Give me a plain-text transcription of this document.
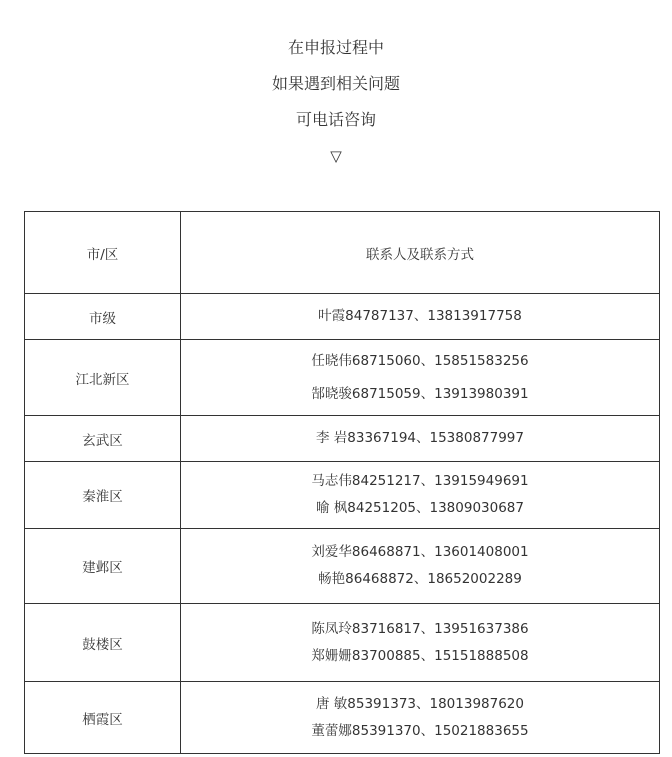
在申报过程中
如果遇到相关问题
可电话咨询
▽
市/区	联系人及联系方式
市级	叶霞84787137、13813917758

江北新区	任晓伟68715060、15851583256
郜晓骏68715059、13913980391

玄武区	李 岩83367194、15380877997

秦淮区	马志伟84251217、13915949691
喻 枫84251205、13809030687

建邺区	刘爱华86468871、13601408001
畅艳86468872、18652002289

鼓楼区	陈凤玲83716817、13951637386
郑姗姗83700885、15151888508

栖霞区	唐 敏85391373、18013987620
董蕾娜85391370、15021883655
